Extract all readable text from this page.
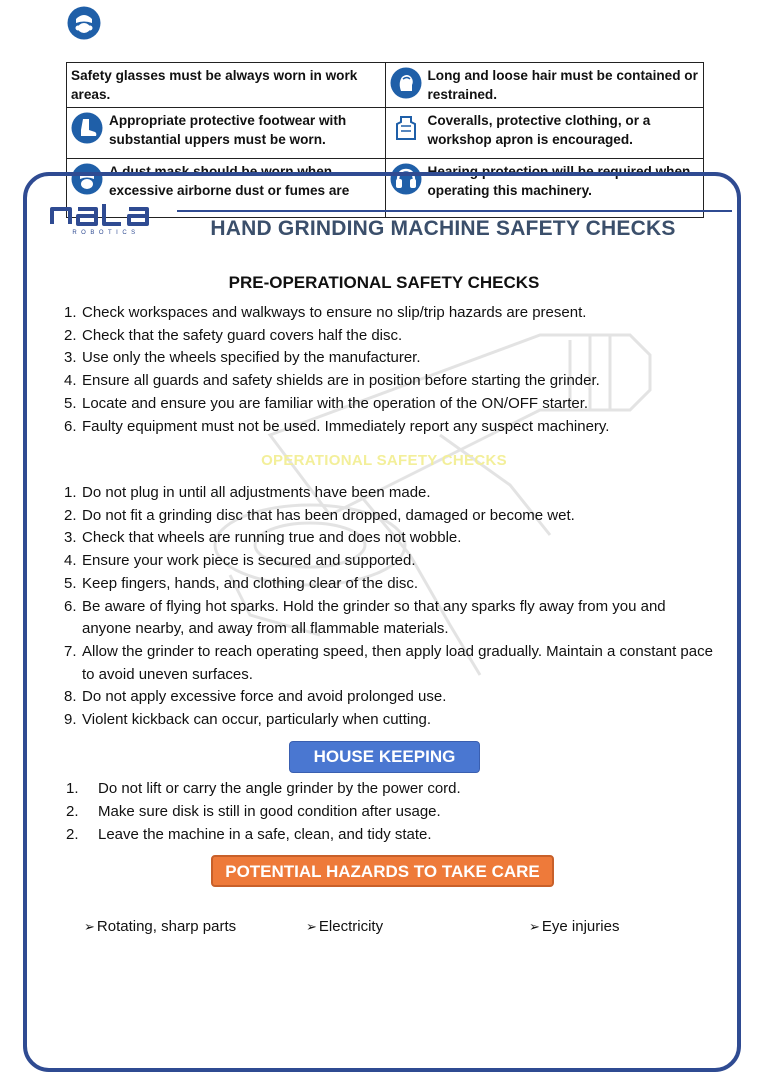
Safety glasses must be always worn in work areas.	Long and loose hair must be contained or restrained.

Appropriate protective footwear with substantial uppers must be worn.	Coveralls, protective clothing, or a workshop apron is encouraged.

A dust mask should be worn when excessive airborne dust or fumes are	Hearing protection will be required when operating this machinery.
ROBOTICS	HAND GRINDING MACHINE SAFETY CHECKS
PRE-OPERATIONAL SAFETY CHECKS
1. Check workspaces and walkways to ensure no slip/trip hazards are present.
2. Check that the safety guard covers half the disc.
3. Use only the wheels specified by the manufacturer.
4. Ensure all guards and safety shields are in position before starting the grinder.
5. Locate and ensure you are familiar with the operation of the ON/OFF starter.
6. Faulty equipment must not be used. Immediately report any suspect machinery.
OPERATIONAL SAFETY CHECKS
1. Do not plug in until all adjustments have been made.
2. Do not fit a grinding disc that has been dropped, damaged or become wet.
3. Check that wheels are running true and does not wobble.
4. Ensure your work piece is secured and supported.
5. Keep fingers, hands, and clothing clear of the disc.
6. Be aware of flying hot sparks. Hold the grinder so that any sparks fly away from you and anyone nearby, and away from all flammable materials.
7. Allow the grinder to reach operating speed, then apply load gradually. Maintain a constant pace to avoid uneven surfaces.
8. Do not apply excessive force and avoid prolonged use.
9. Violent kickback can occur, particularly when cutting.
HOUSE KEEPING
1.	Do not lift or carry the angle grinder by the power cord.
2.	Make sure disk is still in good condition after usage.
2.	Leave the machine in a safe, clean, and tidy state.
POTENTIAL HAZARDS TO TAKE CARE
➢ Rotating, sharp parts	➢ Electricity	➢ Eye injuries
